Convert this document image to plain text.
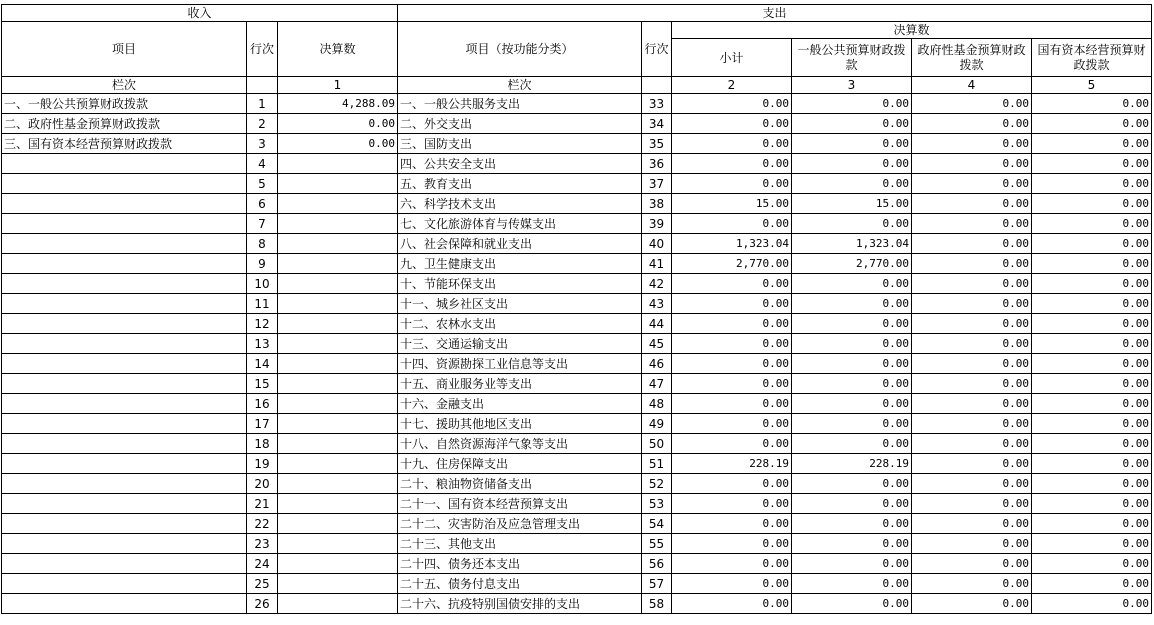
收入			支出					
项目	行次	决算数	项目（按功能分类）	行次	决算数			
					小计	一般公共预算财政拨款	政府性基金预算财政拨款	国有资本经营预算财政拨款
栏次		1	栏次		2	3	4	5
一、一般公共预算财政拨款	1	4,288.09	一、一般公共服务支出	33	0.00	0.00	0.00	0.00
二、政府性基金预算财政拨款	2	0.00	二、外交支出	34	0.00	0.00	0.00	0.00
三、国有资本经营预算财政拨款	3	0.00	三、国防支出	35	0.00	0.00	0.00	0.00
	4		四、公共安全支出	36	0.00	0.00	0.00	0.00
	5		五、教育支出	37	0.00	0.00	0.00	0.00
	6		六、科学技术支出	38	15.00	15.00	0.00	0.00
	7		七、文化旅游体育与传媒支出	39	0.00	0.00	0.00	0.00
	8		八、社会保障和就业支出	40	1,323.04	1,323.04	0.00	0.00
	9		九、卫生健康支出	41	2,770.00	2,770.00	0.00	0.00
	10		十、节能环保支出	42	0.00	0.00	0.00	0.00
	11		十一、城乡社区支出	43	0.00	0.00	0.00	0.00
	12		十二、农林水支出	44	0.00	0.00	0.00	0.00
	13		十三、交通运输支出	45	0.00	0.00	0.00	0.00
	14		十四、资源勘探工业信息等支出	46	0.00	0.00	0.00	0.00
	15		十五、商业服务业等支出	47	0.00	0.00	0.00	0.00
	16		十六、金融支出	48	0.00	0.00	0.00	0.00
	17		十七、援助其他地区支出	49	0.00	0.00	0.00	0.00
	18		十八、自然资源海洋气象等支出	50	0.00	0.00	0.00	0.00
	19		十九、住房保障支出	51	228.19	228.19	0.00	0.00
	20		二十、粮油物资储备支出	52	0.00	0.00	0.00	0.00
	21		二十一、国有资本经营预算支出	53	0.00	0.00	0.00	0.00
	22		二十二、灾害防治及应急管理支出	54	0.00	0.00	0.00	0.00
	23		二十三、其他支出	55	0.00	0.00	0.00	0.00
	24		二十四、债务还本支出	56	0.00	0.00	0.00	0.00
	25		二十五、债务付息支出	57	0.00	0.00	0.00	0.00
	26		二十六、抗疫特别国债安排的支出	58	0.00	0.00	0.00	0.00
